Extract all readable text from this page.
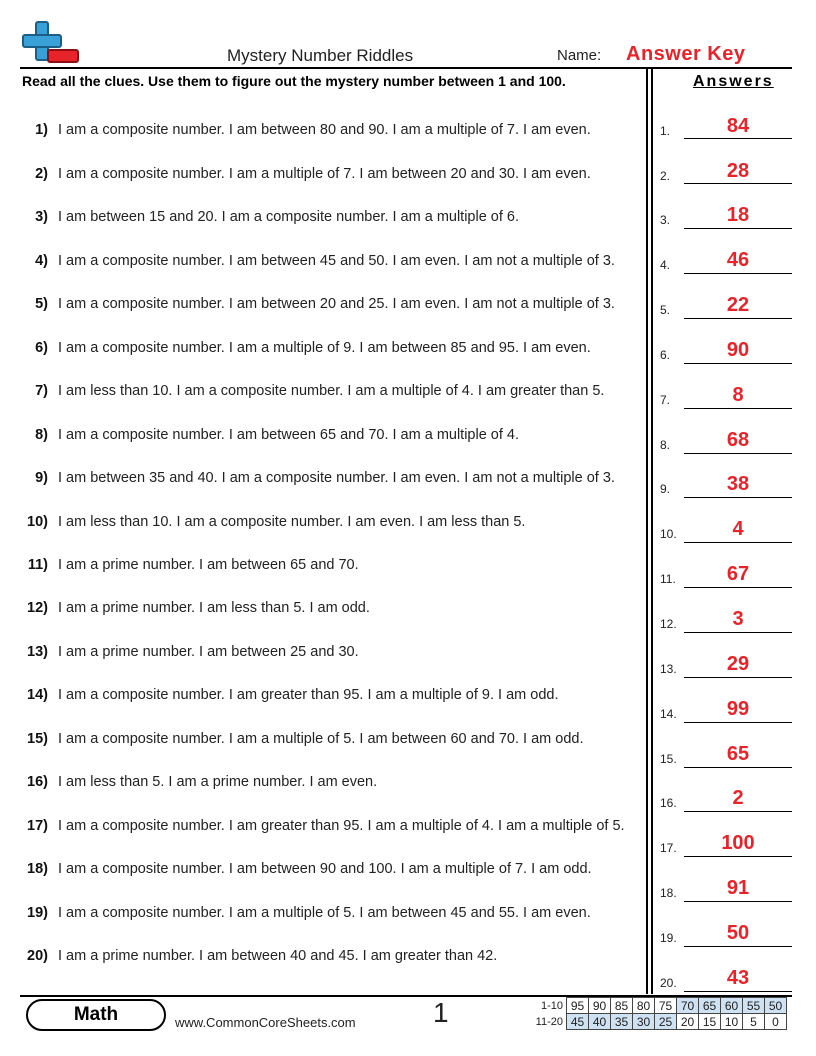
Mystery Number Riddles	Name: Answer Key
Read all the clues. Use them to figure out the mystery number between 1 and 100.	Answers
1) I am a composite number. I am between 80 and 90. I am a multiple of 7. I am even.
2) I am a composite number. I am a multiple of 7. I am between 20 and 30. I am even.
3) I am between 15 and 20. I am a composite number. I am a multiple of 6.
4) I am a composite number. I am between 45 and 50. I am even. I am not a multiple of 3.
5) I am a composite number. I am between 20 and 25. I am even. I am not a multiple of 3.
6) I am a composite number. I am a multiple of 9. I am between 85 and 95. I am even.
7) I am less than 10. I am a composite number. I am a multiple of 4. I am greater than 5.
8) I am a composite number. I am between 65 and 70. I am a multiple of 4.
9) I am between 35 and 40. I am a composite number. I am even. I am not a multiple of 3.
10) I am less than 10. I am a composite number. I am even. I am less than 5.
11) I am a prime number. I am between 65 and 70.
12) I am a prime number. I am less than 5. I am odd.
13) I am a prime number. I am between 25 and 30.
14) I am a composite number. I am greater than 95. I am a multiple of 9. I am odd.
15) I am a composite number. I am a multiple of 5. I am between 60 and 70. I am odd.
16) I am less than 5. I am a prime number. I am even.
17) I am a composite number. I am greater than 95. I am a multiple of 4. I am a multiple of 5.
18) I am a composite number. I am between 90 and 100. I am a multiple of 7. I am odd.
19) I am a composite number. I am a multiple of 5. I am between 45 and 55. I am even.
20) I am a prime number. I am between 40 and 45. I am greater than 42.
1.	84
2.	28
3.	18
4.	46
5.	22
6.	90
7.	8
8.	68
9.	38
10.	4
11.	67
12.	3
13.	29
14.	99
15.	65
16.	2
17.	100
18.	91
19.	50
20.	43
Math	www.CommonCoreSheets.com	1	1-10	95	90	85	80	75	70	65	60	55	50
11-20	45	40	35	30	25	20	15	10	5	0
